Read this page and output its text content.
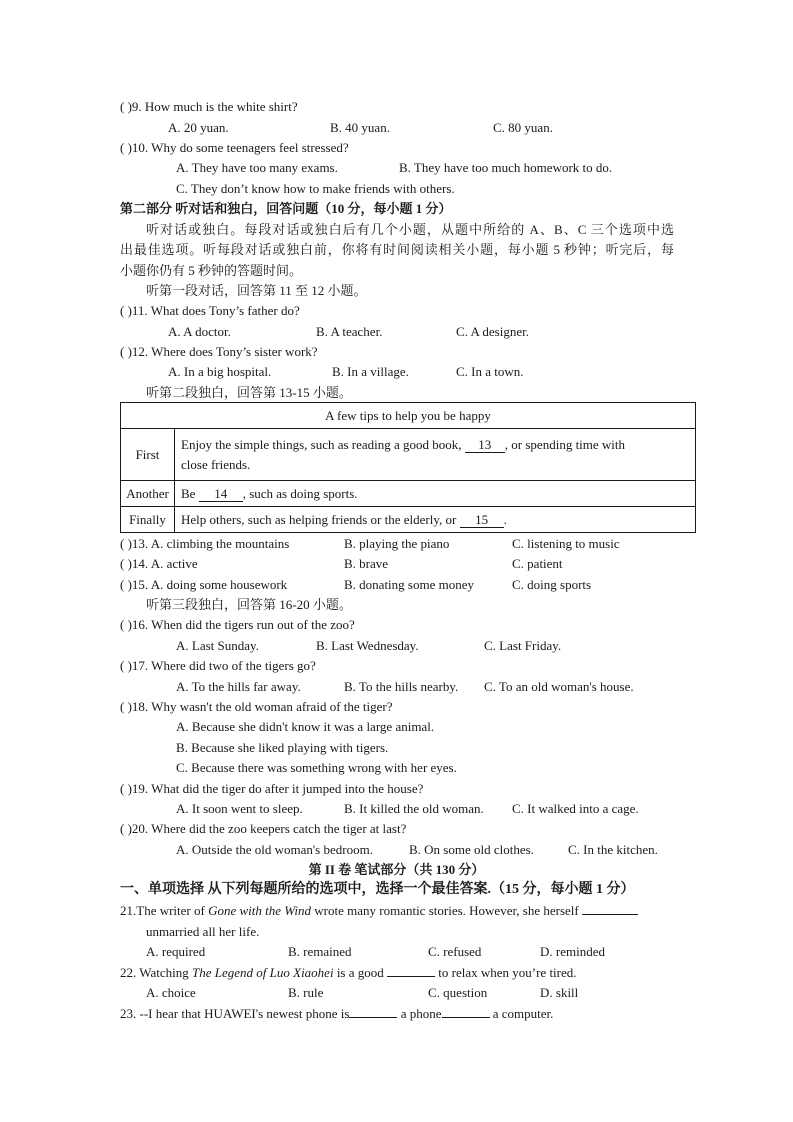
( )9. How much is the white shirt?
A. 20 yuan.	B. 40 yuan.	C. 80 yuan.
( )10. Why do some teenagers feel stressed?
A. They have too many exams.	B. They have too much homework to do.
C. They don’t know how to make friends with others.
第二部分 听对话和独白，回答问题（10 分，每小题 1 分）
听对话或独白。每段对话或独白后有几个小题，从题中所给的 A、B、C 三个选项中选
出最佳选项。听每段对话或独白前，你将有时间阅读相关小题，每小题 5 秒钟；听完后，每
小题你仍有 5 秒钟的答题时间。
听第一段对话，回答第 11 至 12 小题。
( )11. What does Tony’s father do?
A. A doctor.	B. A teacher.	C. A designer.
( )12. Where does Tony’s sister work?
A. In a big hospital.	B. In a village.	C. In a town.
听第二段独白，回答第 13-15 小题。
A few tips to help you be happy	
First	Enjoy the simple things, such as reading a good book, 13 , or spending time with
close friends.
Another	Be 14 , such as doing sports.
Finally	Help others, such as helping friends or the elderly, or 15 .
( )13. A. climbing the mountains	B. playing the piano	C. listening to music
( )14. A. active	B. brave	C. patient
( )15. A. doing some housework	B. donating some money	C. doing sports
听第三段独白，回答第 16-20 小题。
( )16. When did the tigers run out of the zoo?
A. Last Sunday.	B. Last Wednesday.	C. Last Friday.
( )17. Where did two of the tigers go?
A. To the hills far away.	B. To the hills nearby. C. To an old woman's house.
( )18. Why wasn't the old woman afraid of the tiger?
A. Because she didn't know it was a large animal.
B. Because she liked playing with tigers.
C. Because there was something wrong with her eyes.
( )19. What did the tiger do after it jumped into the house?
A. It soon went to sleep.	B. It killed the old woman. C. It walked into a cage.
( )20. Where did the zoo keepers catch the tiger at last?
A. Outside the old woman's bedroom.	B. On some old clothes.	C. In the kitchen.
第 II 卷 笔试部分（共 130 分）
一、单项选择 从下列每题所给的选项中，选择一个最佳答案.（15 分，每小题 1 分）
21.The writer of Gone with the Wind wrote many romantic stories. However, she herself
unmarried all her life.
A. required	B. remained	C. refused	D. reminded
22. Watching The Legend of Luo Xiaohei is a good	to relax when you’re tired.
A. choice	B. rule	C. question	D. skill
23. --I hear that HUAWEI's newest phone is	a phone	a computer.
